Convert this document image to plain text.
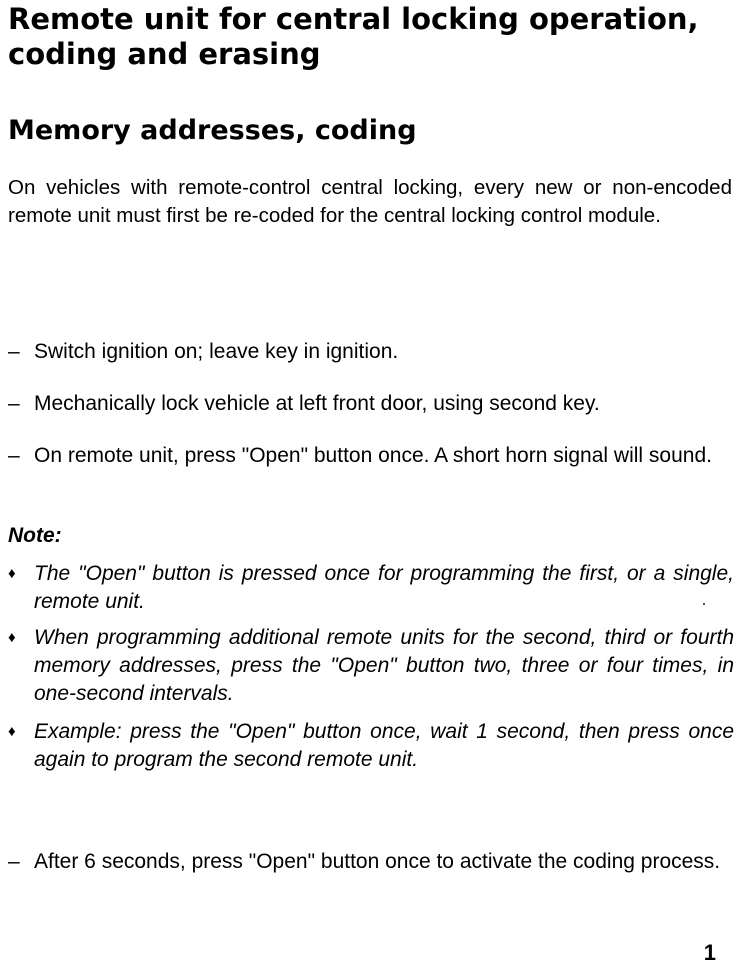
Remote unit for central locking operation, coding and erasing
Memory addresses, coding
On vehicles with remote-control central locking, every new or non-encoded remote unit must first be re-coded for the central locking control module.
– Switch ignition on; leave key in ignition.
– Mechanically lock vehicle at left front door, using second key.
– On remote unit, press "Open" button once. A short horn signal will sound.
Note:
♦ The "Open" button is pressed once for programming the first, or a single, remote unit.
♦ When programming additional remote units for the second, third or fourth memory addresses, press the "Open" button two, three or four times, in one-second intervals.
♦ Example: press the "Open" button once, wait 1 second, then press once again to program the second remote unit.
– After 6 seconds, press "Open" button once to activate the coding process.
1
